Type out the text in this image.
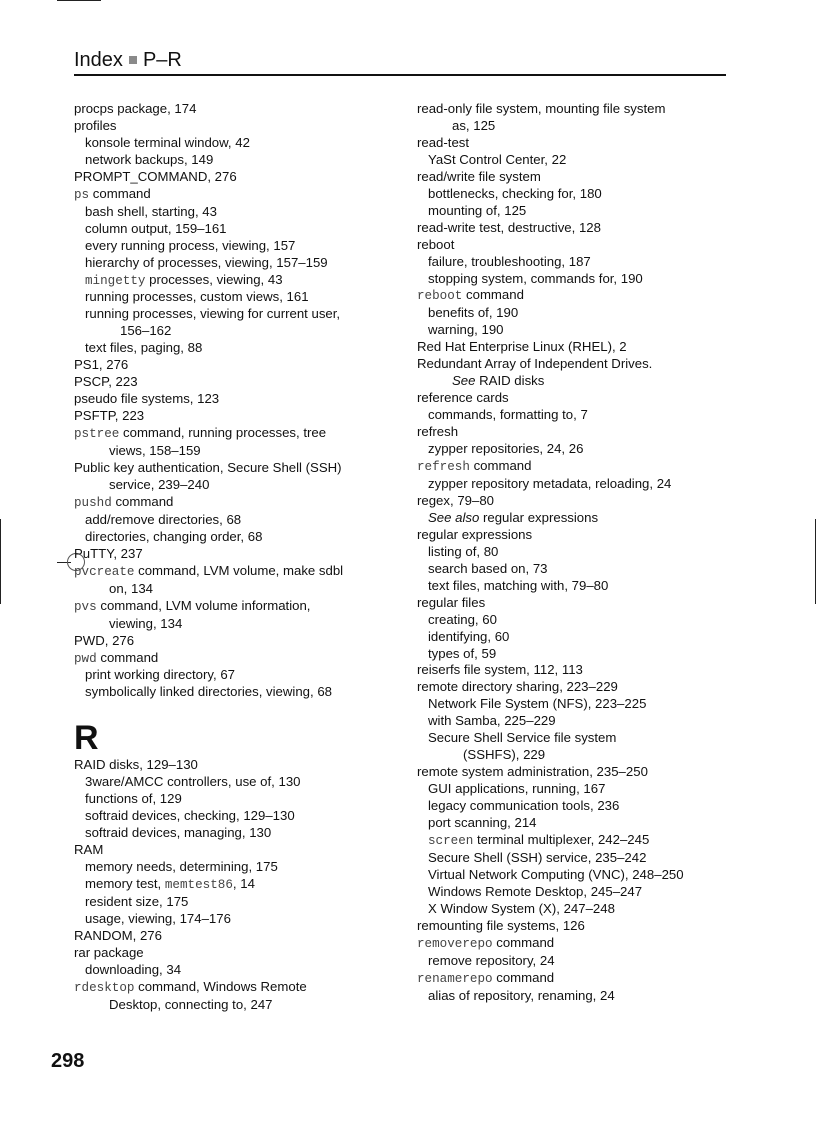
Index P–R
procps package, 174
profiles
konsole terminal window, 42
network backups, 149
PROMPT_COMMAND, 276
ps command
bash shell, starting, 43
column output, 159–161
every running process, viewing, 157
hierarchy of processes, viewing, 157–159
mingetty processes, viewing, 43
running processes, custom views, 161
running processes, viewing for current user,
156–162
text files, paging, 88
PS1, 276
PSCP, 223
pseudo file systems, 123
PSFTP, 223
pstree command, running processes, tree
views, 158–159
Public key authentication, Secure Shell (SSH)
service, 239–240
pushd command
add/remove directories, 68
directories, changing order, 68
PuTTY, 237
pvcreate command, LVM volume, make sdbl
on, 134
pvs command, LVM volume information,
viewing, 134
PWD, 276
pwd command
print working directory, 67
symbolically linked directories, viewing, 68
R
RAID disks, 129–130
3ware/AMCC controllers, use of, 130
functions of, 129
softraid devices, checking, 129–130
softraid devices, managing, 130
RAM
memory needs, determining, 175
memory test, memtest86, 14
resident size, 175
usage, viewing, 174–176
RANDOM, 276
rar package
downloading, 34
rdesktop command, Windows Remote
Desktop, connecting to, 247
read-only file system, mounting file system
as, 125
read-test
YaSt Control Center, 22
read/write file system
bottlenecks, checking for, 180
mounting of, 125
read-write test, destructive, 128
reboot
failure, troubleshooting, 187
stopping system, commands for, 190
reboot command
benefits of, 190
warning, 190
Red Hat Enterprise Linux (RHEL), 2
Redundant Array of Independent Drives.
See RAID disks
reference cards
commands, formatting to, 7
refresh
zypper repositories, 24, 26
refresh command
zypper repository metadata, reloading, 24
regex, 79–80
See also regular expressions
regular expressions
listing of, 80
search based on, 73
text files, matching with, 79–80
regular files
creating, 60
identifying, 60
types of, 59
reiserfs file system, 112, 113
remote directory sharing, 223–229
Network File System (NFS), 223–225
with Samba, 225–229
Secure Shell Service file system
(SSHFS), 229
remote system administration, 235–250
GUI applications, running, 167
legacy communication tools, 236
port scanning, 214
screen terminal multiplexer, 242–245
Secure Shell (SSH) service, 235–242
Virtual Network Computing (VNC), 248–250
Windows Remote Desktop, 245–247
X Window System (X), 247–248
remounting file systems, 126
removerepo command
remove repository, 24
renamerepo command
alias of repository, renaming, 24
298
